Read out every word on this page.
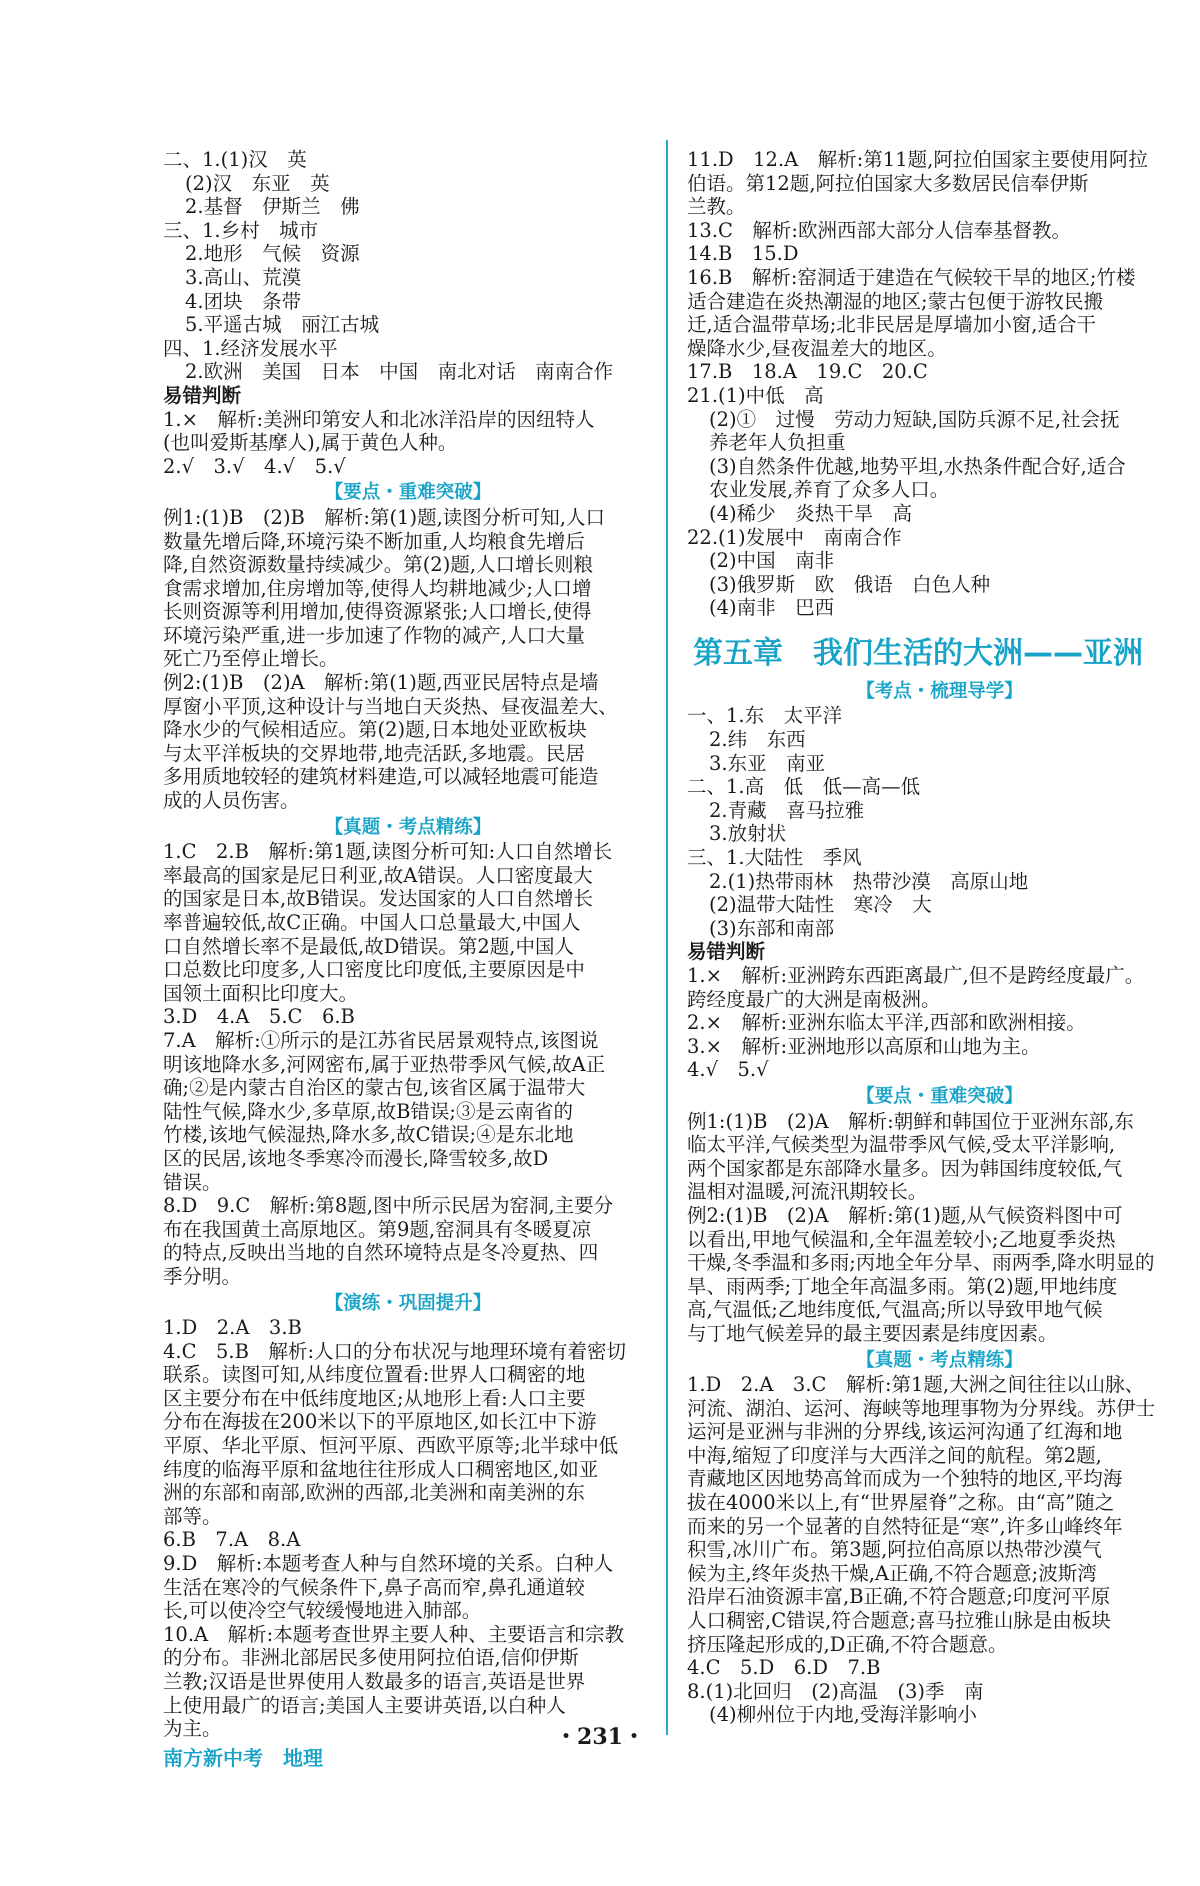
二、1.(1)汉　英
(2)汉　东亚　英
2.基督　伊斯兰　佛
三、1.乡村　城市
2.地形　气候　资源
3.高山、荒漠
4.团块　条带
5.平遥古城　丽江古城
四、1.经济发展水平
2.欧洲　美国　日本　中国　南北对话　南南合作
易错判断
1.×　解析:美洲印第安人和北冰洋沿岸的因纽特人
(也叫爱斯基摩人),属于黄色人种。
2.√　3.√　4.√　5.√
【要点・重难突破】
例1:(1)B　(2)B　解析:第(1)题,读图分析可知,人口
数量先增后降,环境污染不断加重,人均粮食先增后
降,自然资源数量持续减少。第(2)题,人口增长则粮
食需求增加,住房增加等,使得人均耕地减少;人口增
长则资源等利用增加,使得资源紧张;人口增长,使得
环境污染严重,进一步加速了作物的减产,人口大量
死亡乃至停止增长。
例2:(1)B　(2)A　解析:第(1)题,西亚民居特点是墙
厚窗小平顶,这种设计与当地白天炎热、昼夜温差大、
降水少的气候相适应。第(2)题,日本地处亚欧板块
与太平洋板块的交界地带,地壳活跃,多地震。民居
多用质地较轻的建筑材料建造,可以减轻地震可能造
成的人员伤害。
【真题・考点精练】
1.C　2.B　解析:第1题,读图分析可知:人口自然增长
率最高的国家是尼日利亚,故A错误。人口密度最大
的国家是日本,故B错误。发达国家的人口自然增长
率普遍较低,故C正确。中国人口总量最大,中国人
口自然增长率不是最低,故D错误。第2题,中国人
口总数比印度多,人口密度比印度低,主要原因是中
国领土面积比印度大。
3.D　4.A　5.C　6.B
7.A　解析:①所示的是江苏省民居景观特点,该图说
明该地降水多,河网密布,属于亚热带季风气候,故A正
确;②是内蒙古自治区的蒙古包,该省区属于温带大
陆性气候,降水少,多草原,故B错误;③是云南省的
竹楼,该地气候湿热,降水多,故C错误;④是东北地
区的民居,该地冬季寒冷而漫长,降雪较多,故D
错误。
8.D　9.C　解析:第8题,图中所示民居为窑洞,主要分
布在我国黄土高原地区。第9题,窑洞具有冬暖夏凉
的特点,反映出当地的自然环境特点是冬冷夏热、四
季分明。
【演练・巩固提升】
1.D　2.A　3.B
4.C　5.B　解析:人口的分布状况与地理环境有着密切
联系。读图可知,从纬度位置看:世界人口稠密的地
区主要分布在中低纬度地区;从地形上看:人口主要
分布在海拔在200米以下的平原地区,如长江中下游
平原、华北平原、恒河平原、西欧平原等;北半球中低
纬度的临海平原和盆地往往形成人口稠密地区,如亚
洲的东部和南部,欧洲的西部,北美洲和南美洲的东
部等。
6.B　7.A　8.A
9.D　解析:本题考查人种与自然环境的关系。白种人
生活在寒冷的气候条件下,鼻子高而窄,鼻孔通道较
长,可以使冷空气较缓慢地进入肺部。
10.A　解析:本题考查世界主要人种、主要语言和宗教
的分布。非洲北部居民多使用阿拉伯语,信仰伊斯
兰教;汉语是世界使用人数最多的语言,英语是世界
上使用最广的语言;美国人主要讲英语,以白种人
为主。
11.D　12.A　解析:第11题,阿拉伯国家主要使用阿拉
伯语。第12题,阿拉伯国家大多数居民信奉伊斯
兰教。
13.C　解析:欧洲西部大部分人信奉基督教。
14.B　15.D
16.B　解析:窑洞适于建造在气候较干旱的地区;竹楼
适合建造在炎热潮湿的地区;蒙古包便于游牧民搬
迁,适合温带草场;北非民居是厚墙加小窗,适合干
燥降水少,昼夜温差大的地区。
17.B　18.A　19.C　20.C
21.(1)中低　高
(2)①　过慢　劳动力短缺,国防兵源不足,社会抚
养老年人负担重
(3)自然条件优越,地势平坦,水热条件配合好,适合
农业发展,养育了众多人口。
(4)稀少　炎热干旱　高
22.(1)发展中　南南合作
(2)中国　南非
(3)俄罗斯　欧　俄语　白色人种
(4)南非　巴西
第五章　我们生活的大洲——亚洲
【考点・梳理导学】
一、1.东　太平洋
2.纬　东西
3.东亚　南亚
二、1.高　低　低—高—低
2.青藏　喜马拉雅
3.放射状
三、1.大陆性　季风
2.(1)热带雨林　热带沙漠　高原山地
(2)温带大陆性　寒冷　大
(3)东部和南部
易错判断
1.×　解析:亚洲跨东西距离最广,但不是跨经度最广。
跨经度最广的大洲是南极洲。
2.×　解析:亚洲东临太平洋,西部和欧洲相接。
3.×　解析:亚洲地形以高原和山地为主。
4.√　5.√
【要点・重难突破】
例1:(1)B　(2)A　解析:朝鲜和韩国位于亚洲东部,东
临太平洋,气候类型为温带季风气候,受太平洋影响,
两个国家都是东部降水量多。因为韩国纬度较低,气
温相对温暖,河流汛期较长。
例2:(1)B　(2)A　解析:第(1)题,从气候资料图中可
以看出,甲地气候温和,全年温差较小;乙地夏季炎热
干燥,冬季温和多雨;丙地全年分旱、雨两季,降水明显的
旱、雨两季;丁地全年高温多雨。第(2)题,甲地纬度
高,气温低;乙地纬度低,气温高;所以导致甲地气候
与丁地气候差异的最主要因素是纬度因素。
【真题・考点精练】
1.D　2.A　3.C　解析:第1题,大洲之间往往以山脉、
河流、湖泊、运河、海峡等地理事物为分界线。苏伊士
运河是亚洲与非洲的分界线,该运河沟通了红海和地
中海,缩短了印度洋与大西洋之间的航程。第2题,
青藏地区因地势高耸而成为一个独特的地区,平均海
拔在4000米以上,有“世界屋脊”之称。由“高”随之
而来的另一个显著的自然特征是“寒”,许多山峰终年
积雪,冰川广布。第3题,阿拉伯高原以热带沙漠气
候为主,终年炎热干燥,A正确,不符合题意;波斯湾
沿岸石油资源丰富,B正确,不符合题意;印度河平原
人口稠密,C错误,符合题意;喜马拉雅山脉是由板块
挤压隆起形成的,D正确,不符合题意。
4.C　5.D　6.D　7.B
8.(1)北回归　(2)高温　(3)季　南
(4)柳州位于内地,受海洋影响小
・231・
南方新中考　地理
